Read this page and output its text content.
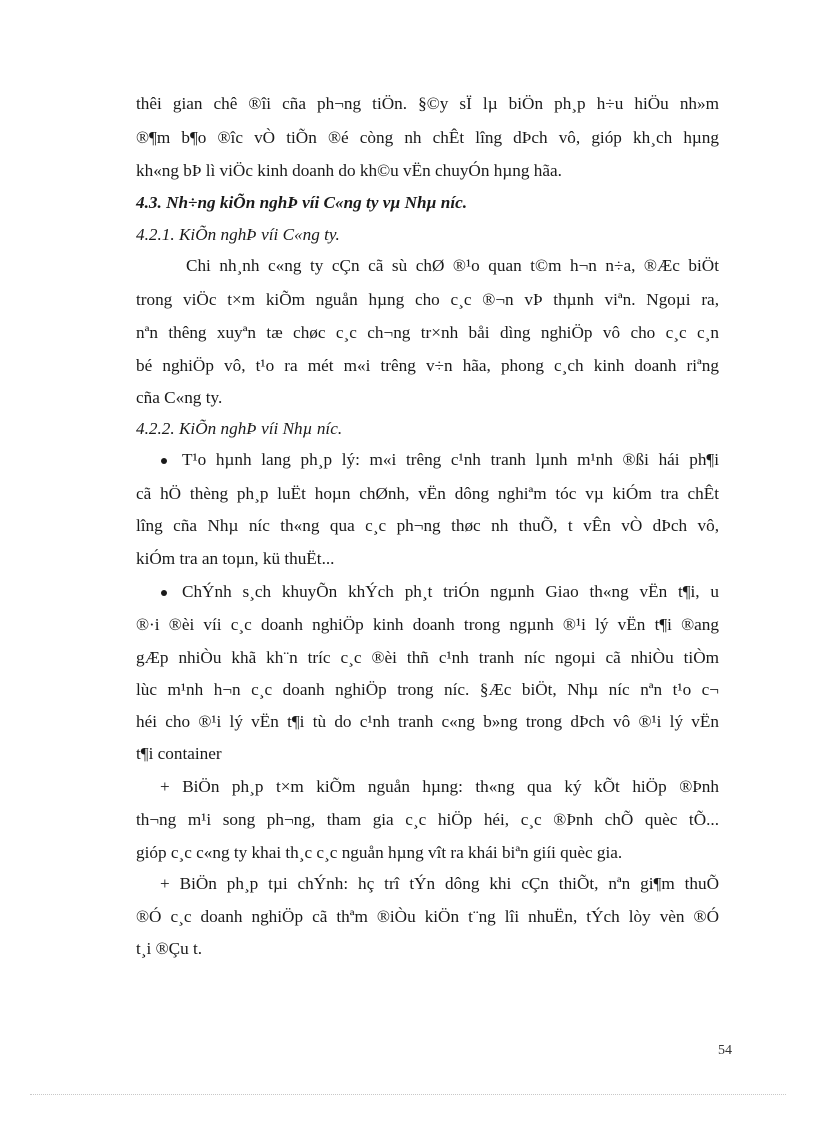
thêi gian chê ®îi cña ph¬ng tiÖn. §©y sÏ lµ biÖn ph¸p h÷u hiÖu nh»m
®¶m b¶o ®îc vÒ tiÕn ®é còng nh chÊt lîng dÞch vô, gióp kh¸ch hµng
kh«ng bÞ lì viÖc kinh doanh do kh©u vËn chuyÓn hµng hãa.
4.3. Nh÷ng kiÕn nghÞ víi C«ng ty vµ Nhµ níc.
4.2.1. KiÕn nghÞ víi C«ng ty.
Chi nh¸nh c«ng ty cÇn cã sù chØ ®¹o quan t©m h¬n n÷a, ®Æc biÖt
trong viÖc t×m kiÕm nguån hµng cho c¸c ®¬n vÞ thµnh viªn. Ngoµi ra,
nªn thêng xuyªn tæ chøc c¸c ch¬ng tr×nh båi dìng nghiÖp vô cho c¸c c¸n
bé nghiÖp vô, t¹o ra mét m«i trêng v÷n hãa, phong c¸ch kinh doanh riªng
cña C«ng ty.
4.2.2. KiÕn nghÞ víi Nhµ níc.
T¹o hµnh lang ph¸p lý: m«i trêng c¹nh tranh lµnh m¹nh ®ßi hái ph¶i
cã hÖ thèng ph¸p luËt hoµn chØnh, vËn dông nghiªm tóc vµ kiÓm tra chÊt
lîng cña Nhµ níc th«ng qua c¸c ph¬ng thøc nh thuÕ, t vÊn vÒ dÞch vô,
kiÓm tra an toµn, kü thuËt...
ChÝnh s¸ch khuyÕn khÝch ph¸t triÓn ngµnh Giao th«ng vËn t¶i, u
®·i ®èi víi c¸c doanh nghiÖp kinh doanh trong ngµnh ®¹i lý vËn t¶i ®ang
gÆp nhiÒu khã kh¨n tríc c¸c ®èi thñ c¹nh tranh níc ngoµi cã nhiÒu tiÒm
lùc m¹nh h¬n c¸c doanh nghiÖp trong níc. §Æc biÖt, Nhµ níc nªn t¹o c¬
héi cho ®¹i lý vËn t¶i tù do c¹nh tranh c«ng b»ng trong dÞch vô ®¹i lý vËn
t¶i container
+ BiÖn ph¸p t×m kiÕm nguån hµng: th«ng qua ký kÕt hiÖp ®Þnh
th¬ng m¹i song ph¬ng, tham gia c¸c hiÖp héi, c¸c ®Þnh chÕ quèc tÕ...
gióp c¸c c«ng ty khai th¸c c¸c nguån hµng vît ra khái biªn giíi quèc gia.
+ BiÖn ph¸p tµi chÝnh: hç trî tÝn dông khi cÇn thiÕt, nªn gi¶m thuÕ
®Ó c¸c doanh nghiÖp cã thªm ®iÒu kiÖn t¨ng lîi nhuËn, tÝch lòy vèn ®Ó
t¸i ®Çu t.
54
